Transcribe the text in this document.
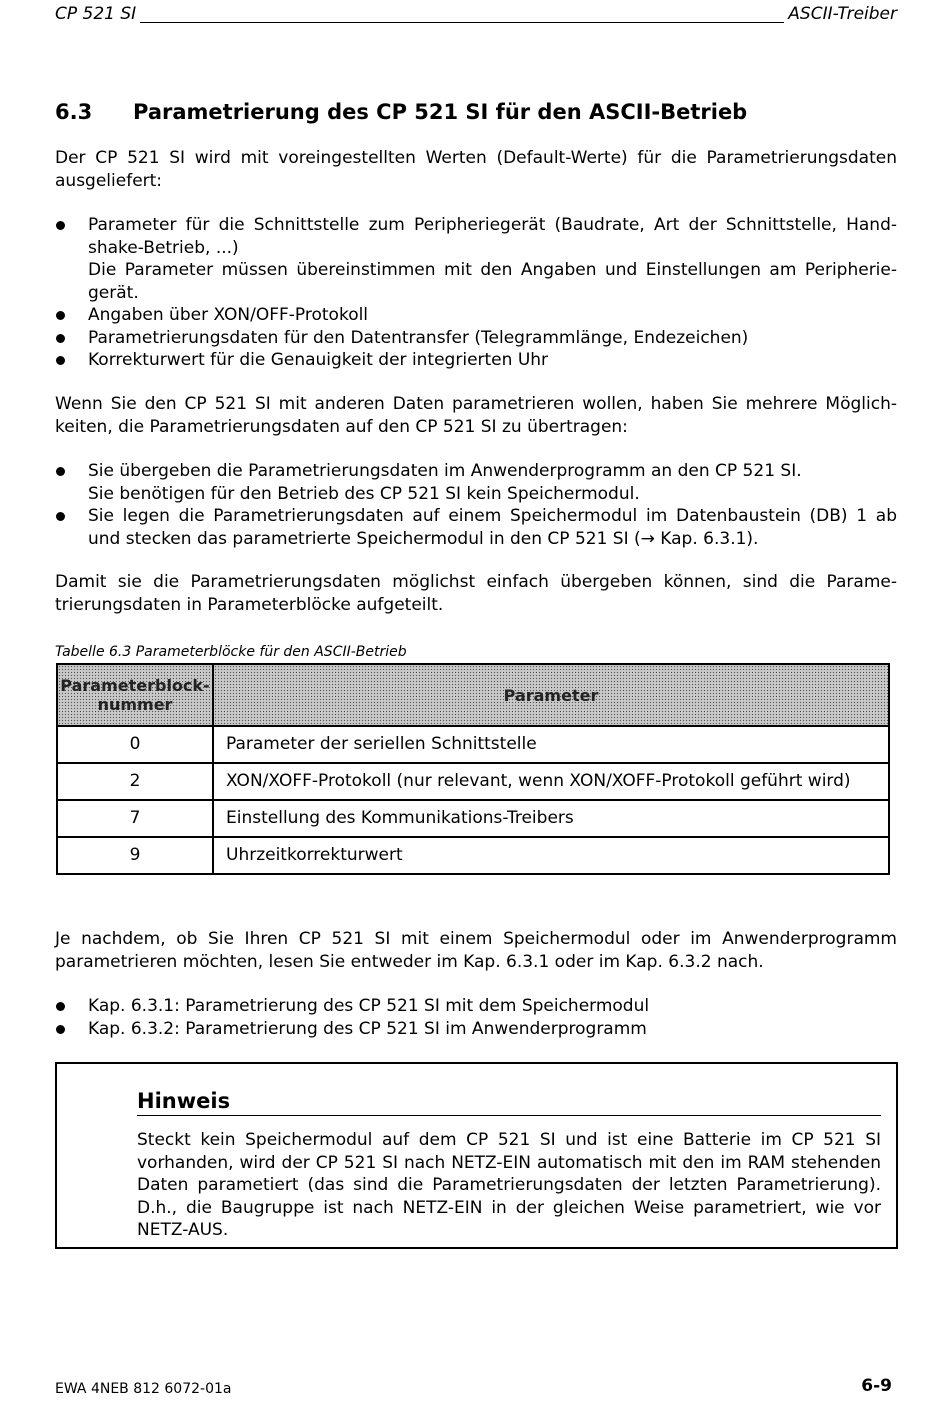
CP 521 SI	ASCII-Treiber
6.3	Parametrierung des CP 521 SI für den ASCII-Betrieb

Der CP 521 SI wird mit voreingestellten Werten (Default-Werte) für die Parametrierungsdaten ausgeliefert:

Parameter für die Schnittstelle zum Peripheriegerät (Baudrate, Art der Schnittstelle, Hand-shake-Betrieb, ...)
Die Parameter müssen übereinstimmen mit den Angaben und Einstellungen am Peripherie-gerät.
Angaben über XON/OFF-Protokoll
Parametrierungsdaten für den Datentransfer (Telegrammlänge, Endezeichen)
Korrekturwert für die Genauigkeit der integrierten Uhr

Wenn Sie den CP 521 SI mit anderen Daten parametrieren wollen, haben Sie mehrere Möglich-keiten, die Parametrierungsdaten auf den CP 521 SI zu übertragen:

Sie übergeben die Parametrierungsdaten im Anwenderprogramm an den CP 521 SI.
Sie benötigen für den Betrieb des CP 521 SI kein Speichermodul.
Sie legen die Parametrierungsdaten auf einem Speichermodul im Datenbaustein (DB) 1 ab und stecken das parametrierte Speichermodul in den CP 521 SI (→ Kap. 6.3.1).

Damit sie die Parametrierungsdaten möglichst einfach übergeben können, sind die Parame-trierungsdaten in Parameterblöcke aufgeteilt.

Tabelle 6.3 Parameterblöcke für den ASCII-Betrieb
Parameterblock-nummer	Parameter
0	Parameter der seriellen Schnittstelle
2	XON/XOFF-Protokoll (nur relevant, wenn XON/XOFF-Protokoll geführt wird)
7	Einstellung des Kommunikations-Treibers
9	Uhrzeitkorrekturwert

Je nachdem, ob Sie Ihren CP 521 SI mit einem Speichermodul oder im Anwenderprogramm parametrieren möchten, lesen Sie entweder im Kap. 6.3.1 oder im Kap. 6.3.2 nach.

Kap. 6.3.1: Parametrierung des CP 521 SI mit dem Speichermodul
Kap. 6.3.2: Parametrierung des CP 521 SI im Anwenderprogramm
Hinweis

Steckt kein Speichermodul auf dem CP 521 SI und ist eine Batterie im CP 521 SI vorhanden, wird der CP 521 SI nach NETZ-EIN automatisch mit den im RAM stehenden Daten parametiert (das sind die Parametrierungsdaten der letzten Parametrierung). D.h., die Baugruppe ist nach NETZ-EIN in der gleichen Weise parametriert, wie vor NETZ-AUS.

EWA 4NEB 812 6072-01a	6-9
